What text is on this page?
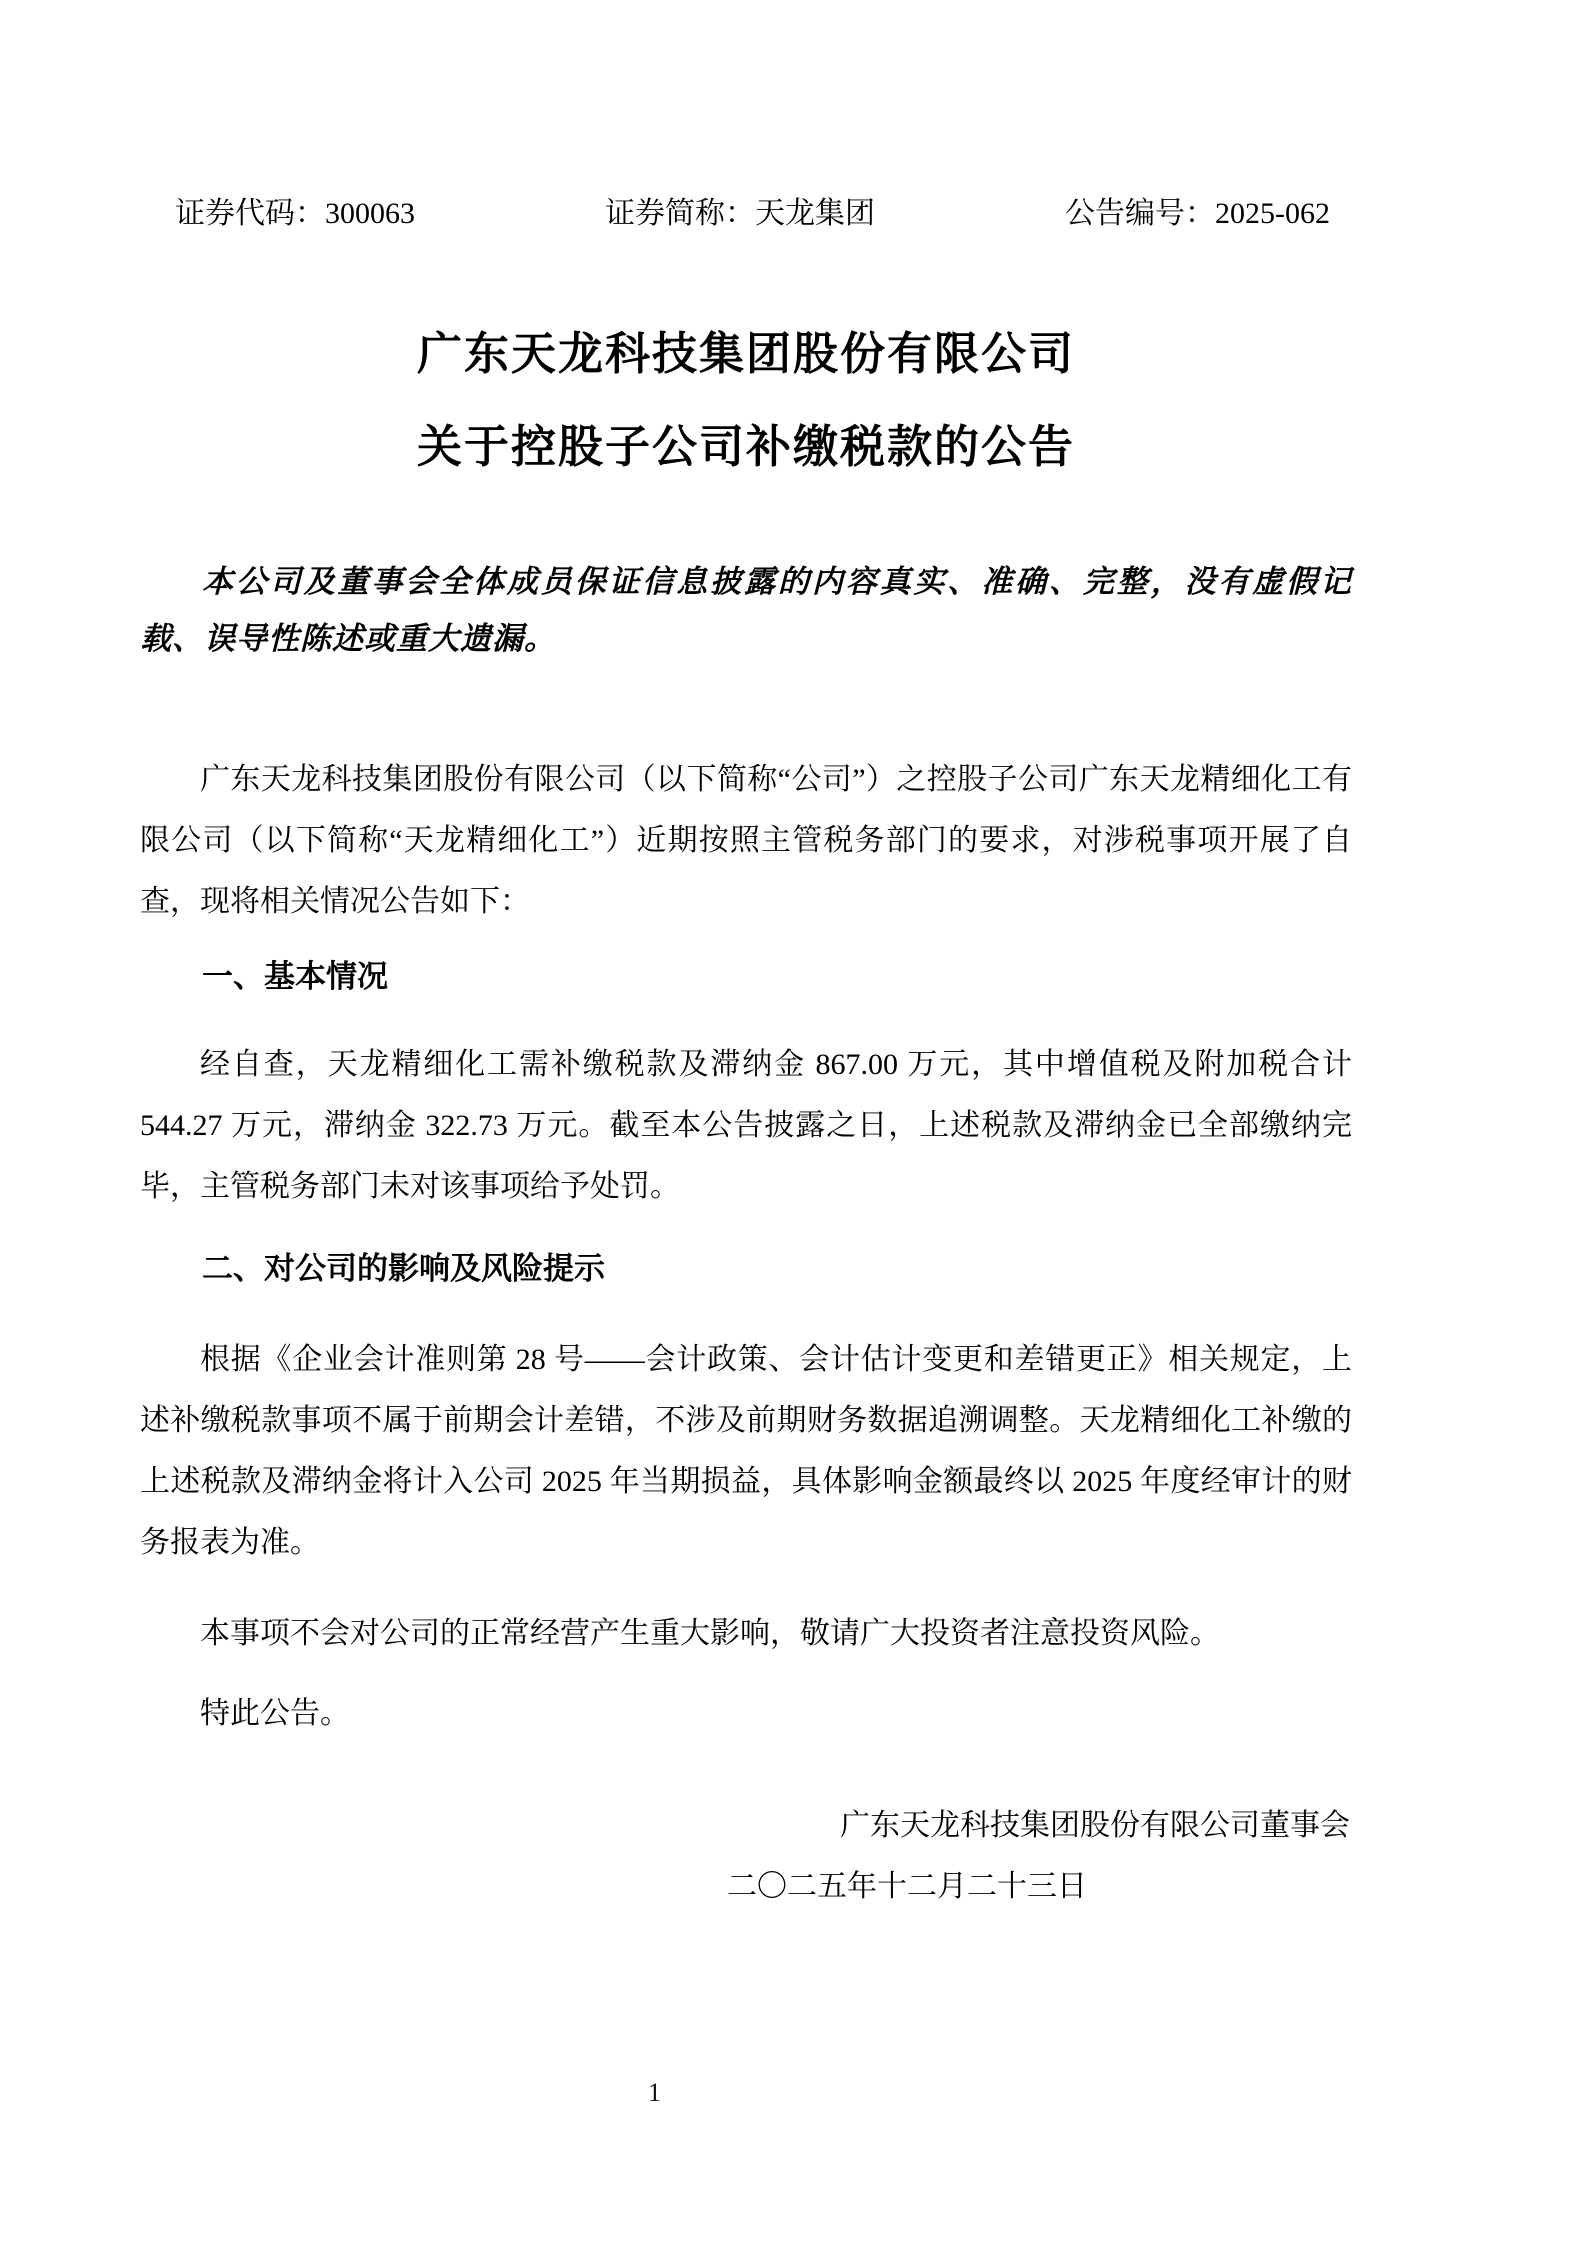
证券代码：300063	证券简称：天龙集团	公告编号：2025-062
广东天龙科技集团股份有限公司
关于控股子公司补缴税款的公告

本公司及董事会全体成员保证信息披露的内容真实、准确、完整，没有虚假记载、误导性陈述或重大遗漏。

广东天龙科技集团股份有限公司（以下简称“公司”）之控股子公司广东天龙精细化工有限公司（以下简称“天龙精细化工”）近期按照主管税务部门的要求，对涉税事项开展了自查，现将相关情况公告如下：

一、基本情况

经自查，天龙精细化工需补缴税款及滞纳金 867.00 万元，其中增值税及附加税合计 544.27 万元，滞纳金 322.73 万元。截至本公告披露之日，上述税款及滞纳金已全部缴纳完毕，主管税务部门未对该事项给予处罚。

二、对公司的影响及风险提示

根据《企业会计准则第 28 号——会计政策、会计估计变更和差错更正》相关规定，上述补缴税款事项不属于前期会计差错，不涉及前期财务数据追溯调整。天龙精细化工补缴的上述税款及滞纳金将计入公司 2025 年当期损益，具体影响金额最终以 2025 年度经审计的财务报表为准。

本事项不会对公司的正常经营产生重大影响，敬请广大投资者注意投资风险。

特此公告。

广东天龙科技集团股份有限公司董事会

二〇二五年十二月二十三日

1
